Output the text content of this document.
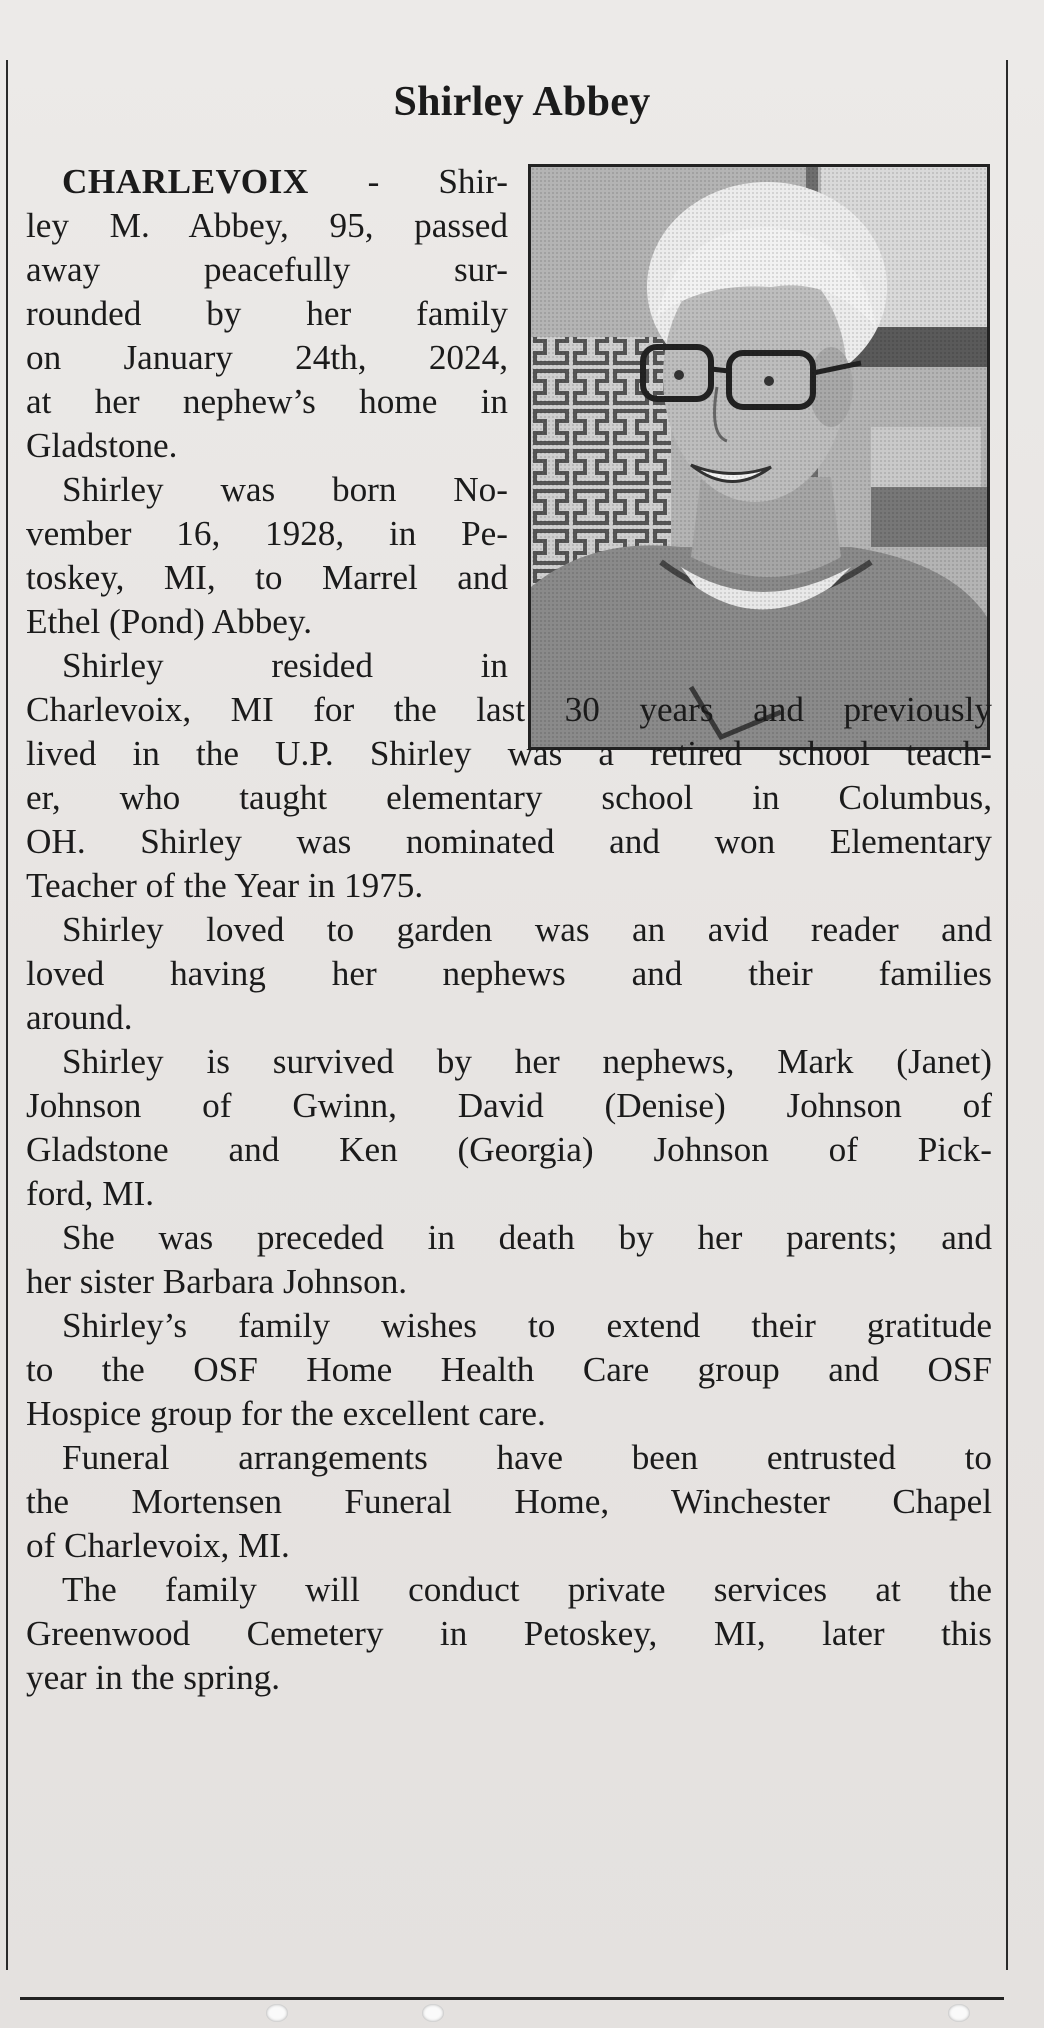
Shirley Abbey
CHARLEVOIX - Shir-
ley M. Abbey, 95, passed
away peacefully sur-
rounded by her family
on January 24th, 2024,
at her nephew’s home in
Gladstone.
Shirley was born No-
vember 16, 1928, in Pe-
toskey, MI, to Marrel and
Ethel (Pond) Abbey.
Shirley resided in
Charlevoix, MI for the last 30 years and previously
lived in the U.P. Shirley was a retired school teach-
er, who taught elementary school in Columbus,
OH. Shirley was nominated and won Elementary
Teacher of the Year in 1975.
Shirley loved to garden was an avid reader and
loved having her nephews and their families
around.
Shirley is survived by her nephews, Mark (Janet)
Johnson of Gwinn, David (Denise) Johnson of
Gladstone and Ken (Georgia) Johnson of Pick-
ford, MI.
She was preceded in death by her parents; and
her sister Barbara Johnson.
Shirley’s family wishes to extend their gratitude
to the OSF Home Health Care group and OSF
Hospice group for the excellent care.
Funeral arrangements have been entrusted to
the Mortensen Funeral Home, Winchester Chapel
of Charlevoix, MI.
The family will conduct private services at the
Greenwood Cemetery in Petoskey, MI, later this
year in the spring.
